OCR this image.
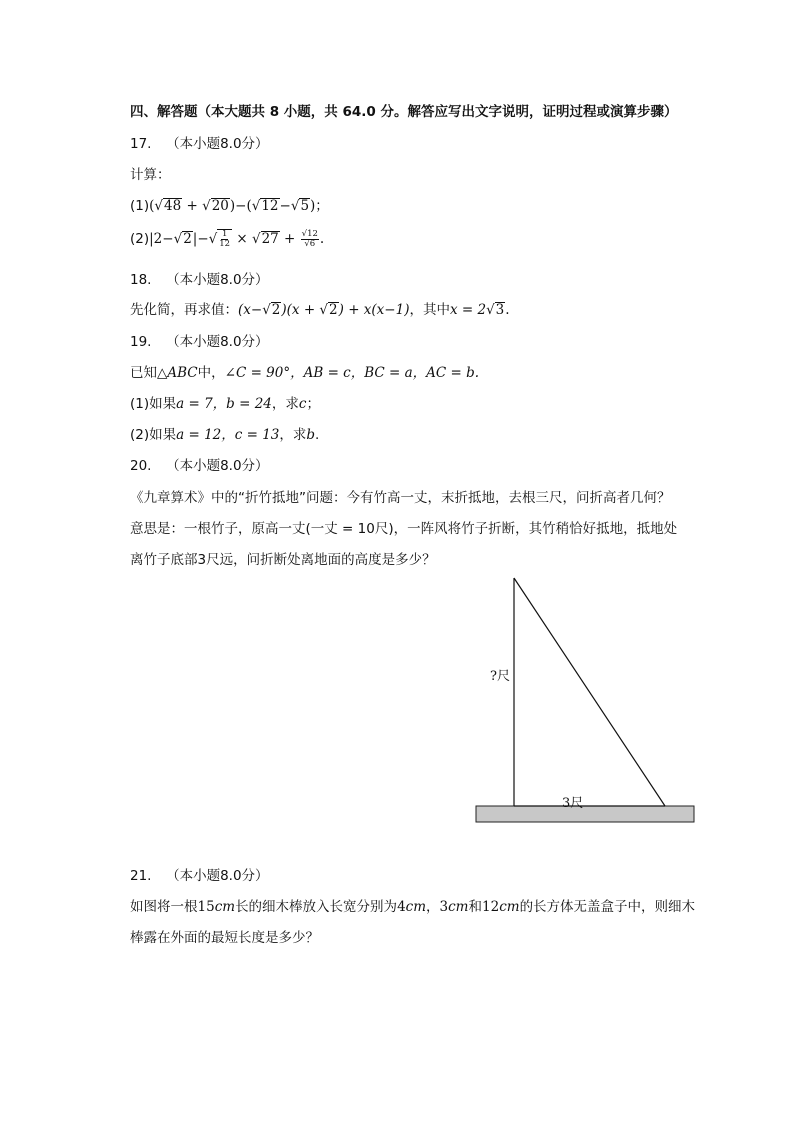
四、解答题（本大题共 8 小题，共 64.0 分。解答应写出文字说明，证明过程或演算步骤）
17. （本小题8.0分）
计算：
(1)(√48 + √20)−(√12−√5)；
$(2)|2-√2|-√ \frac{1}{12} \times √27 + \frac{√12}{√6}$ .
18. （本小题8.0分）
先化简，再求值：(x−√2)(x + √2) + x(x−1)，其中x = 2√3.
19. （本小题8.0分）
已知△ABC中，∠C = 90°，AB = c，BC = a，AC = b.
(1)如果a = 7，b = 24，求c；
(2)如果a = 12，c = 13，求b.
20. （本小题8.0分）
《九章算术》中的“折竹抵地”问题：今有竹高一丈，末折抵地，去根三尺，问折高者几何？
意思是：一根竹子，原高一丈(一丈 = 10尺)，一阵风将竹子折断，其竹稍恰好抵地，抵地处
离竹子底部3尺远，问折断处离地面的高度是多少？
?尺
3尺
21. （本小题8.0分）
如图将一根15cm长的细木棒放入长宽分别为4cm，3cm和12cm的长方体无盖盒子中，则细木
棒露在外面的最短长度是多少？
